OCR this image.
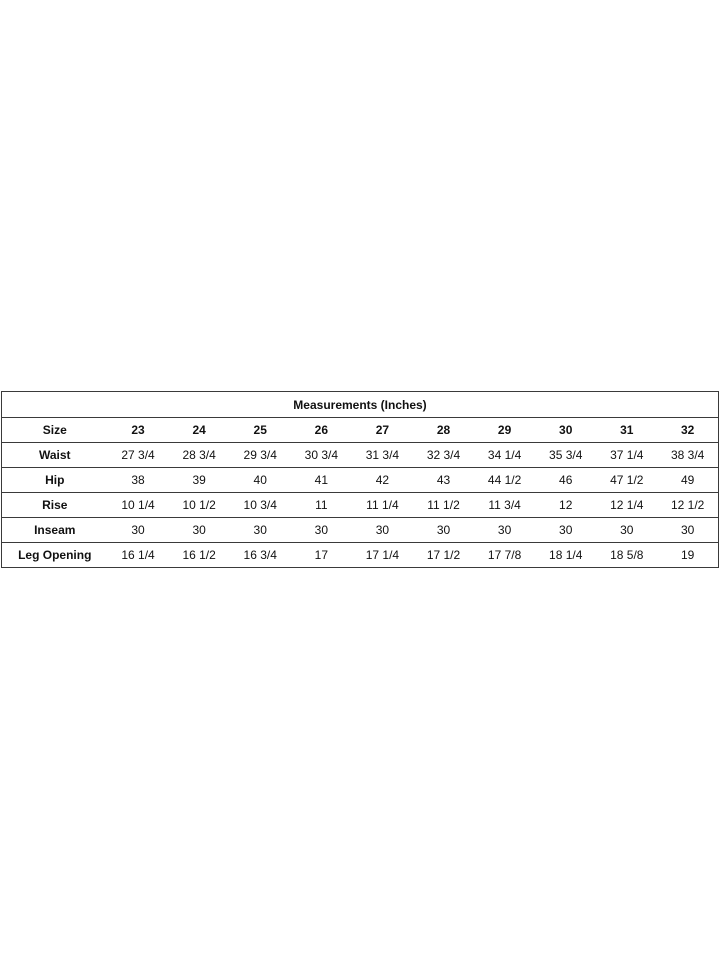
Measurements (Inches)										
Size	23	24	25	26	27	28	29	30	31	32
Waist	27 3/4	28 3/4	29 3/4	30 3/4	31 3/4	32 3/4	34 1/4	35 3/4	37 1/4	38 3/4
Hip	38	39	40	41	42	43	44 1/2	46	47 1/2	49
Rise	10 1/4	10 1/2	10 3/4	11	11 1/4	11 1/2	11 3/4	12	12 1/4	12 1/2
Inseam	30	30	30	30	30	30	30	30	30	30
Leg Opening	16 1/4	16 1/2	16 3/4	17	17 1/4	17 1/2	17 7/8	18 1/4	18 5/8	19
